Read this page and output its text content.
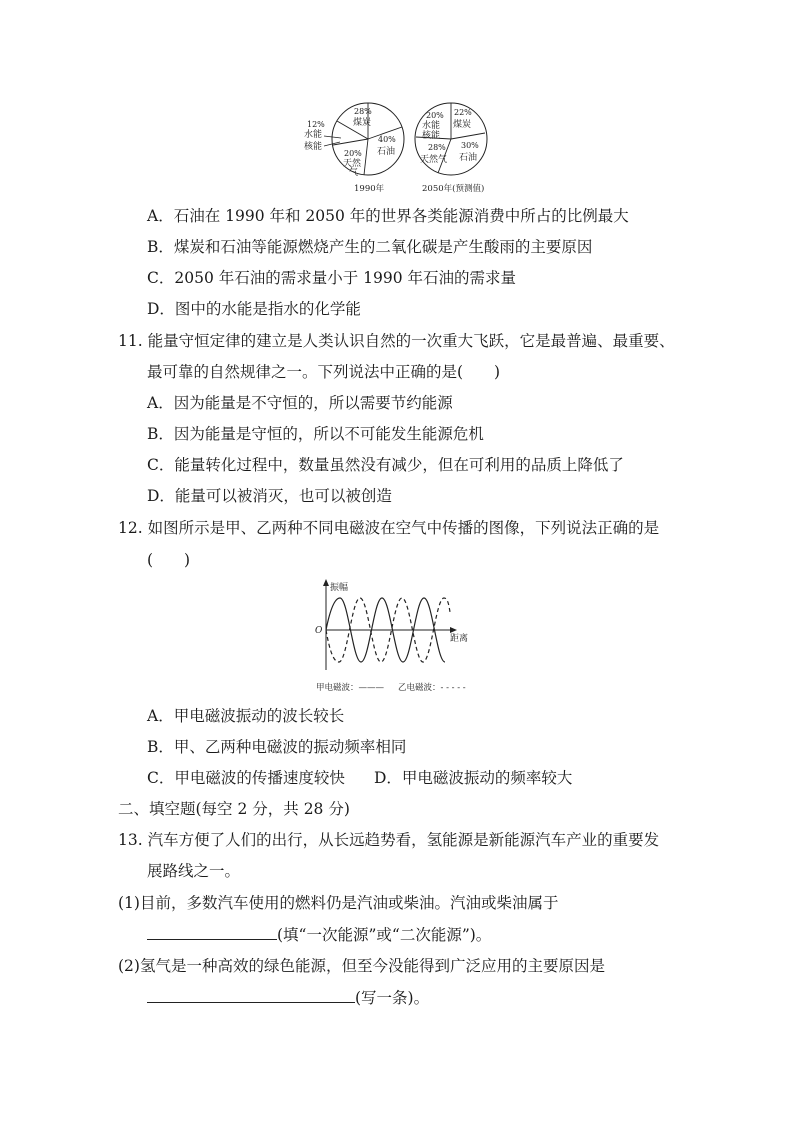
28%
煤炭
40%
石油
20%
天然
气
12%
水能
核能
1990年
22%
煤炭
30%
石油
28%
天然气
20%
水能
核能
2050年(预测值)
A．石油在 1990 年和 2050 年的世界各类能源消费中所占的比例最大
B．煤炭和石油等能源燃烧产生的二氧化碳是产生酸雨的主要原因
C．2050 年石油的需求量小于 1990 年石油的需求量
D．图中的水能是指水的化学能
11. 能量守恒定律的建立是人类认识自然的一次重大飞跃，它是最普遍、最重要、
最可靠的自然规律之一。下列说法中正确的是(　　)
A．因为能量是不守恒的，所以需要节约能源
B．因为能量是守恒的，所以不可能发生能源危机
C．能量转化过程中，数量虽然没有减少，但在可利用的品质上降低了
D．能量可以被消灭，也可以被创造
12. 如图所示是甲、乙两种不同电磁波在空气中传播的图像，下列说法正确的是
(　　)
振幅
距离
O
甲电磁波：——— 乙电磁波：- - - - -
A．甲电磁波振动的波长较长
B．甲、乙两种电磁波的振动频率相同
C．甲电磁波的传播速度较快 D．甲电磁波振动的频率较大
二、填空题(每空 2 分，共 28 分)
13. 汽车方便了人们的出行，从长远趋势看，氢能源是新能源汽车产业的重要发
展路线之一。
(1)目前，多数汽车使用的燃料仍是汽油或柴油。汽油或柴油属于
(填“一次能源”或“二次能源”)。
(2)氢气是一种高效的绿色能源，但至今没能得到广泛应用的主要原因是
(写一条)。
